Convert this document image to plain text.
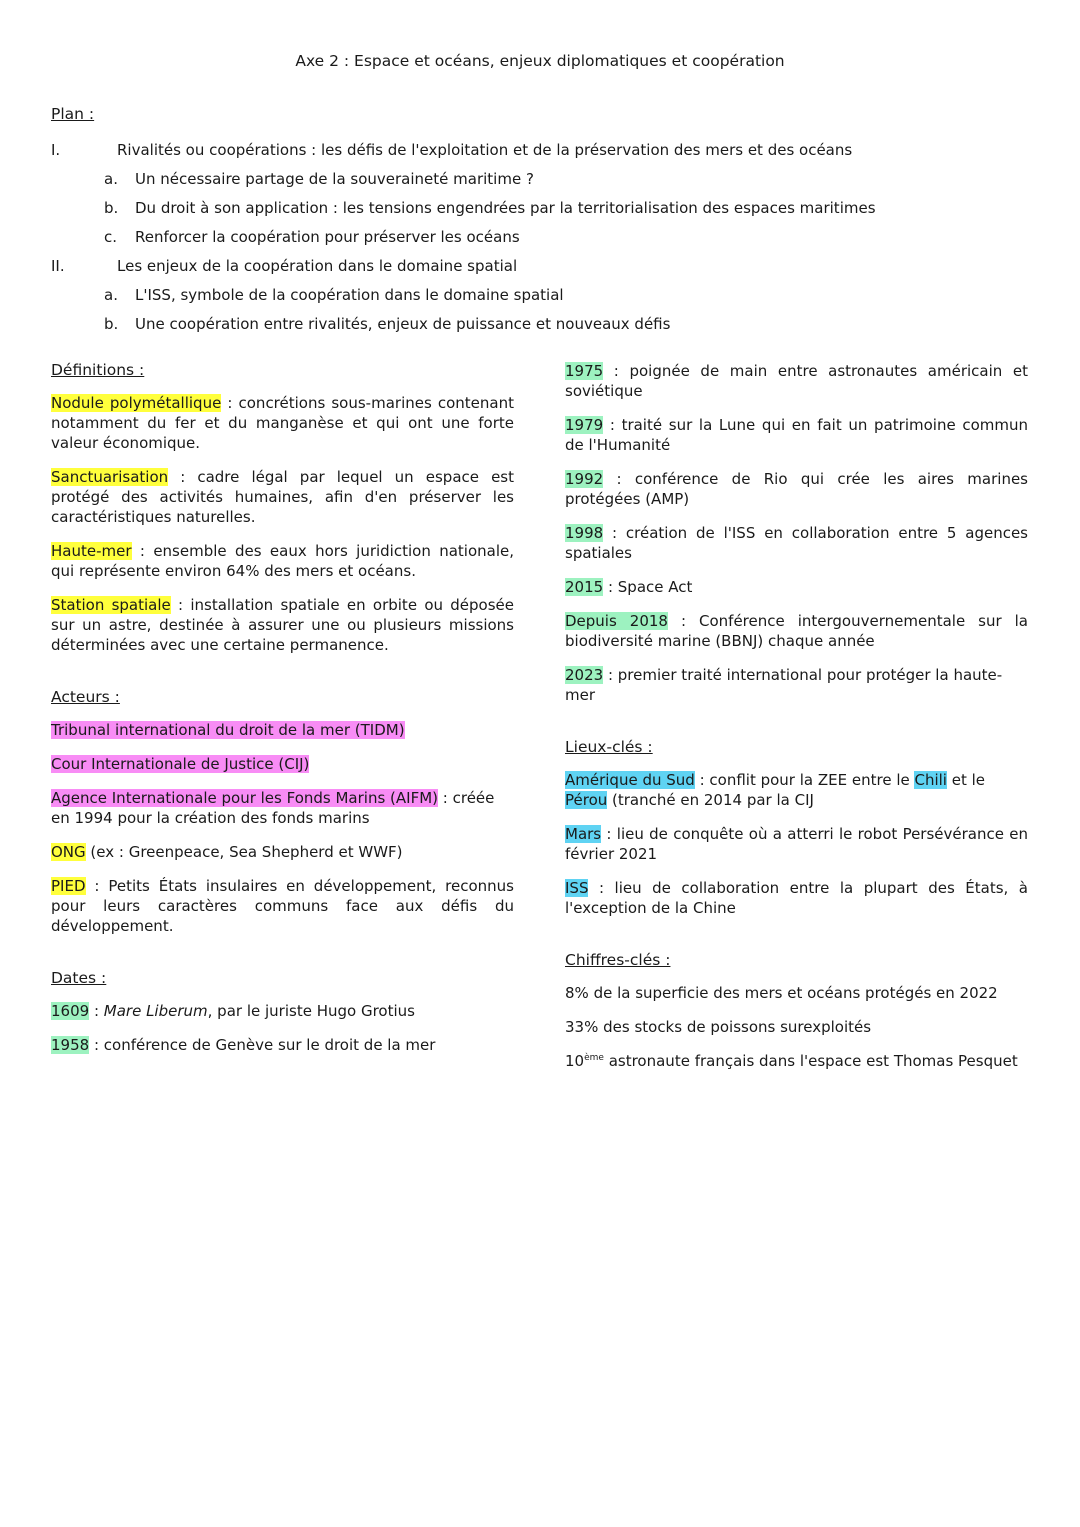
Axe 2 : Espace et océans, enjeux diplomatiques et coopération
Plan :
I.	Rivalités ou coopérations : les défis de l'exploitation et de la préservation des mers et des océans
a. Un nécessaire partage de la souveraineté maritime ?
b. Du droit à son application : les tensions engendrées par la territorialisation des espaces maritimes
c. Renforcer la coopération pour préserver les océans
II.	Les enjeux de la coopération dans le domaine spatial
a. L'ISS, symbole de la coopération dans le domaine spatial
b. Une coopération entre rivalités, enjeux de puissance et nouveaux défis
Définitions :
Nodule polymétallique : concrétions sous-marines contenant notamment du fer et du manganèse et qui ont une forte valeur économique.
Sanctuarisation : cadre légal par lequel un espace est protégé des activités humaines, afin d'en préserver les caractéristiques naturelles.
Haute-mer : ensemble des eaux hors juridiction nationale, qui représente environ 64% des mers et océans.
Station spatiale : installation spatiale en orbite ou déposée sur un astre, destinée à assurer une ou plusieurs missions déterminées avec une certaine permanence.
Acteurs :
Tribunal international du droit de la mer (TIDM)
Cour Internationale de Justice (CIJ)
Agence Internationale pour les Fonds Marins (AIFM) : créée en 1994 pour la création des fonds marins
ONG (ex : Greenpeace, Sea Shepherd et WWF)
PIED : Petits États insulaires en développement, reconnus pour leurs caractères communs face aux défis du développement.
Dates :
1609 : Mare Liberum, par le juriste Hugo Grotius
1958 : conférence de Genève sur le droit de la mer
1975 : poignée de main entre astronautes américain et soviétique
1979 : traité sur la Lune qui en fait un patrimoine commun de l'Humanité
1992 : conférence de Rio qui crée les aires marines protégées (AMP)
1998 : création de l'ISS en collaboration entre 5 agences spatiales
2015 : Space Act
Depuis 2018 : Conférence intergouvernementale sur la biodiversité marine (BBNJ) chaque année
2023 : premier traité international pour protéger la haute-mer
Lieux-clés :
Amérique du Sud : conflit pour la ZEE entre le Chili et le Pérou (tranché en 2014 par la CIJ
Mars : lieu de conquête où a atterri le robot Persévérance en février 2021
ISS : lieu de collaboration entre la plupart des États, à l'exception de la Chine
Chiffres-clés :
8% de la superficie des mers et océans protégés en 2022
33% des stocks de poissons surexploités
10ème astronaute français dans l'espace est Thomas Pesquet
